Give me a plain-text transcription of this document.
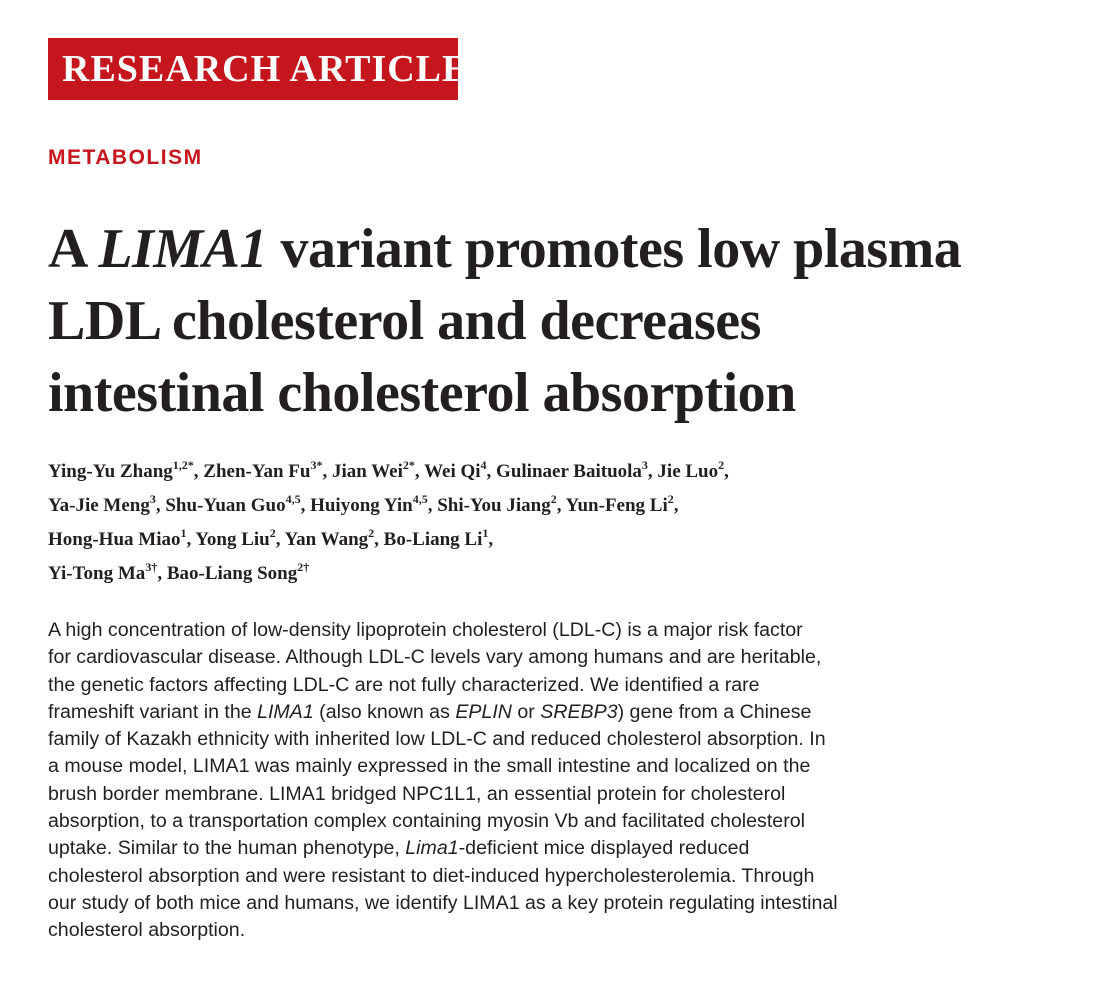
RESEARCH ARTICLE
METABOLISM
A LIMA1 variant promotes low plasma
LDL cholesterol and decreases
intestinal cholesterol absorption
Ying-Yu Zhang$^{1,2*}$, Zhen-Yan $Fu^{3*}$, Jian Wei$^{2*}$, Wei Qi$^4$, Gulinaer Baituola$^3$, Jie Luo$^2$,
Ya-Jie Meng$^3$, Shu-Yuan Guo$^{4,5}$, Huiyong Yin$^{4,5}$, Shi-You Jiang$^2$, Yun-Feng Li$^2$,
Hong-Hua Miao$^1$, Yong Liu$^2$, Yan Wang$^2$, Bo-Liang Li$^1$,
Yi-Tong $Ma^{3\dagger}$, Bao-Liang Song$^{2\dagger}$
A high concentration of low-density lipoprotein cholesterol (LDL-C) is a major risk factor
for cardiovascular disease. Although LDL-C levels vary among humans and are heritable,
the genetic factors affecting LDL-C are not fully characterized. We identified a rare
frameshift variant in the LIMA1 (also known as EPLIN or SREBP3) gene from a Chinese
family of Kazakh ethnicity with inherited low LDL-C and reduced cholesterol absorption. In
a mouse model, LIMA1 was mainly expressed in the small intestine and localized on the
brush border membrane. LIMA1 bridged NPC1L1, an essential protein for cholesterol
absorption, to a transportation complex containing myosin Vb and facilitated cholesterol
uptake. Similar to the human phenotype, Lima1-deficient mice displayed reduced
cholesterol absorption and were resistant to diet-induced hypercholesterolemia. Through
our study of both mice and humans, we identify LIMA1 as a key protein regulating intestinal
cholesterol absorption.
